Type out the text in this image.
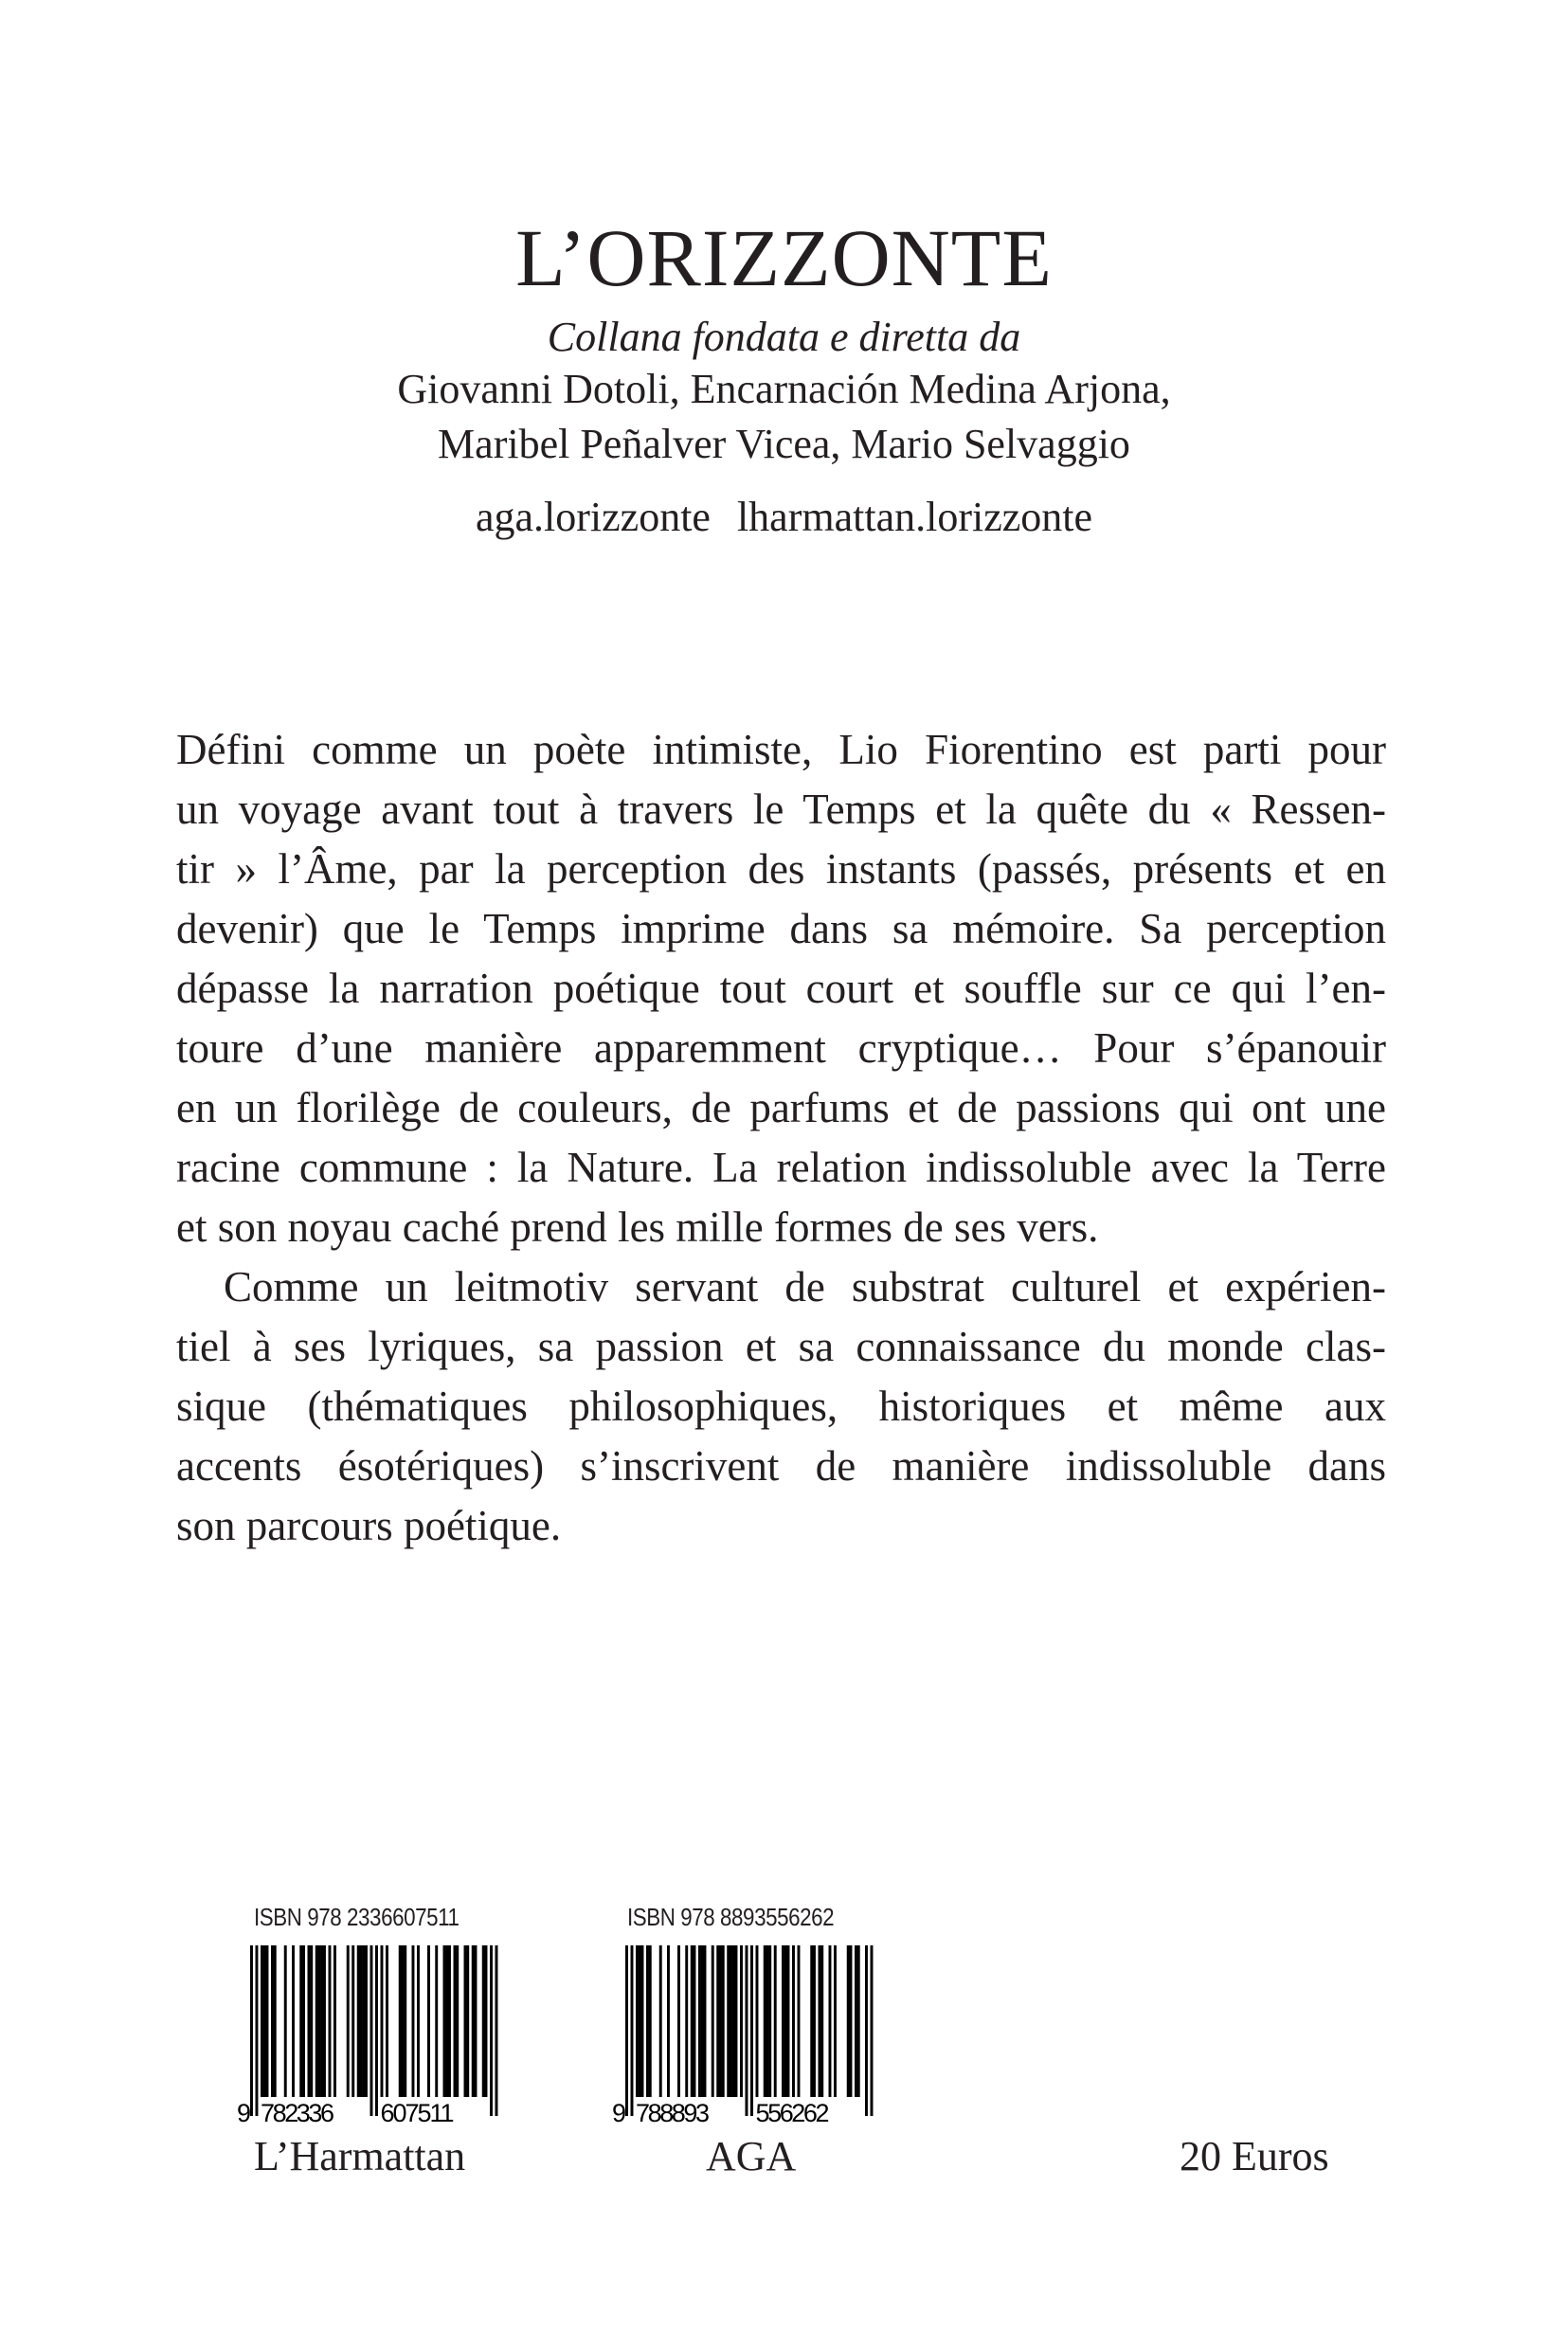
L’ORIZZONTE
Collana fondata e diretta da
Giovanni Dotoli, Encarnación Medina Arjona,
Maribel Peñalver Vicea, Mario Selvaggio
aga.lorizzonte lharmattan.lorizzonte
Défini comme un poète intimiste, Lio Fiorentino est parti pour
un voyage avant tout à travers le Temps et la quête du « Ressen-
tir » l’Âme, par la perception des instants (passés, présents et en
devenir) que le Temps imprime dans sa mémoire. Sa perception
dépasse la narration poétique tout court et souffle sur ce qui l’en-
toure d’une manière apparemment cryptique… Pour s’épanouir
en un florilège de couleurs, de parfums et de passions qui ont une
racine commune : la Nature. La relation indissoluble avec la Terre
et son noyau caché prend les mille formes de ses vers.
Comme un leitmotiv servant de substrat culturel et expérien-
tiel à ses lyriques, sa passion et sa connaissance du monde clas-
sique (thématiques philosophiques, historiques et même aux
accents ésotériques) s’inscrivent de manière indissoluble dans
son parcours poétique.
ISBN 978 2336607511
9 782336 607511
L’Harmattan
ISBN 978 8893556262
9 788893 556262
AGA	20 Euros
